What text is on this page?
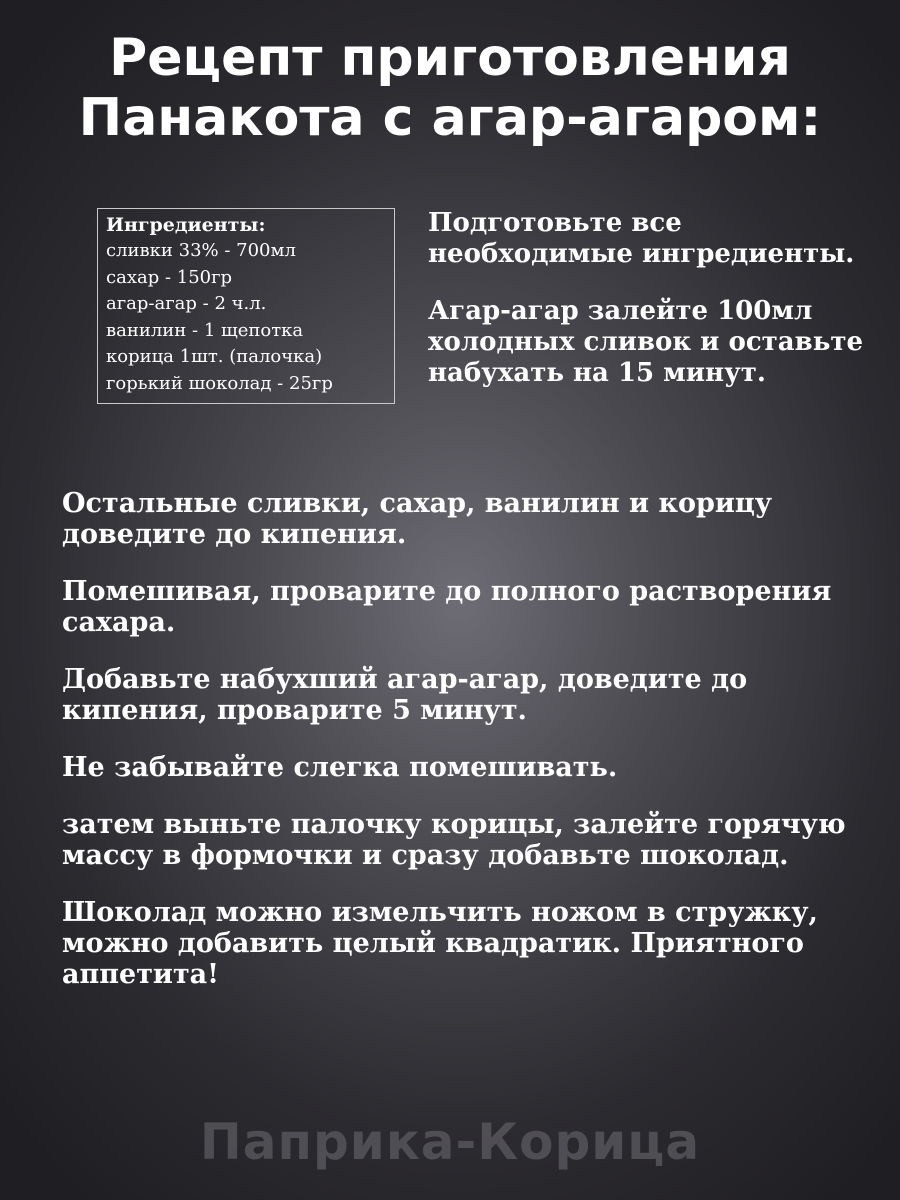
Рецепт приготовления
Панакота с агар-агаром:
Ингредиенты:
сливки 33% - 700мл
сахар - 150гр
агар-агар - 2 ч.л.
ванилин - 1 щепотка
корица 1шт. (палочка)
горький шоколад - 25гр

Подготовьте все необходимые ингредиенты.

Агар-агар залейте 100мл холодных сливок и оставьте набухать на 15 минут.

Остальные сливки, сахар, ванилин и корицу доведите до кипения.

Помешивая, проварите до полного растворения сахара.

Добавьте набухший агар-агар, доведите до кипения, проварите 5 минут.

Не забывайте слегка помешивать.

затем выньте палочку корицы, залейте горячую массу в формочки и сразу добавьте шоколад.

Шоколад можно измельчить ножом в стружку, можно добавить целый квадратик. Приятного аппетита!

Паприка-Корица
